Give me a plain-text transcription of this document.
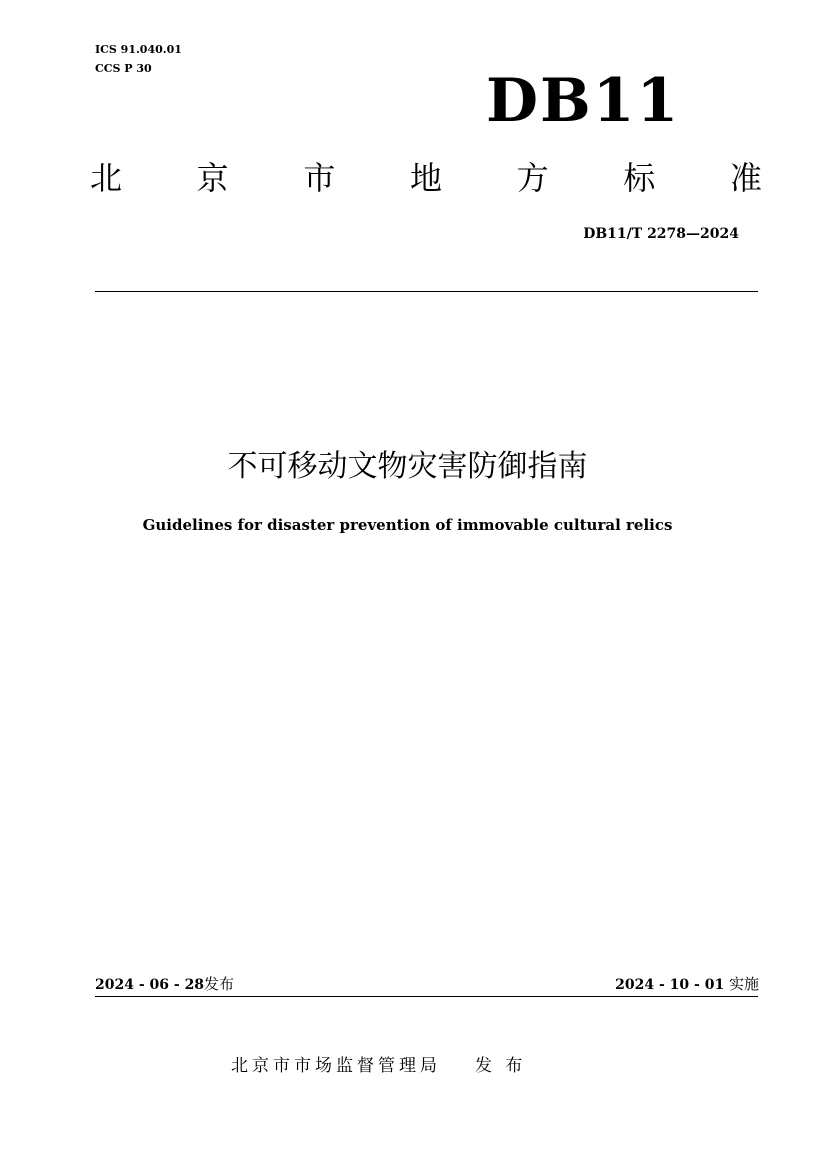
ICS 91.040.01
CCS P 30	DB11
北 京 市 地 方 标 准
DB11/T 2278—2024
不可移动文物灾害防御指南
Guidelines for disaster prevention of immovable cultural relics
2024 - 06 - 28发布	2024 - 10 - 01 实施
北京市市场监督管理局 发 布
